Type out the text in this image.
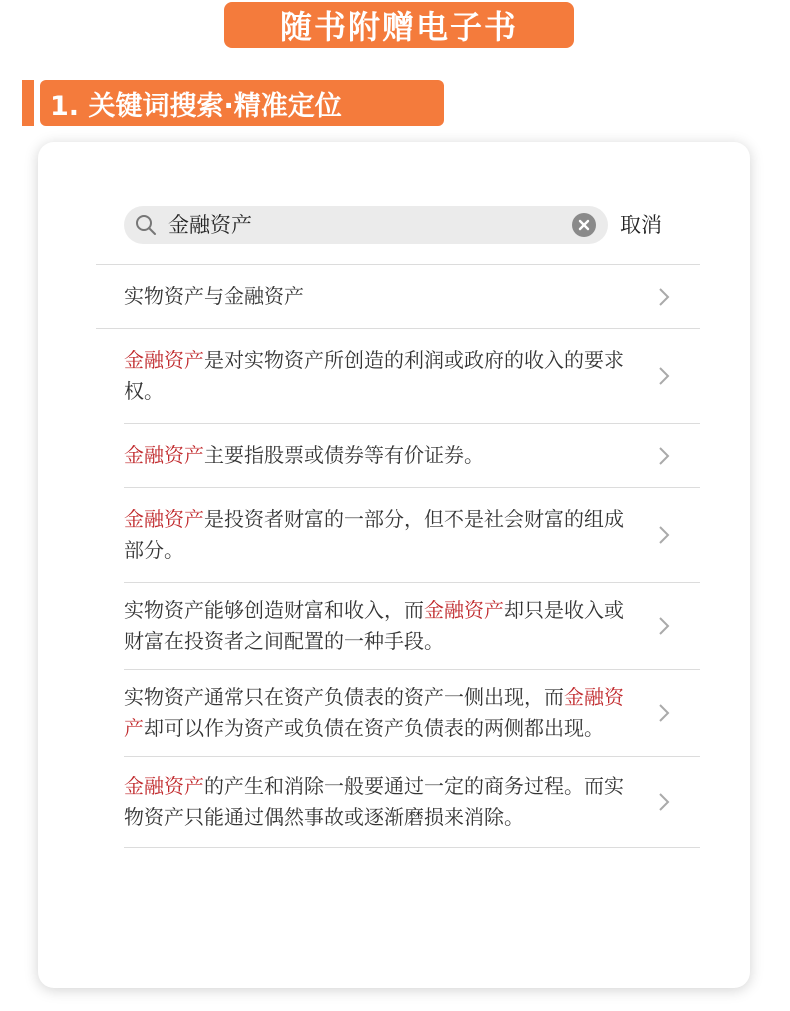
随书附赠电子书
1. 关键词搜索·精准定位
金融资产	取消
实物资产与金融资产
金融资产是对实物资产所创造的利润或政府的收入的要求权。
金融资产主要指股票或债券等有价证券。
金融资产是投资者财富的一部分，但不是社会财富的组成部分。
实物资产能够创造财富和收入，而金融资产却只是收入或财富在投资者之间配置的一种手段。
实物资产通常只在资产负债表的资产一侧出现，而金融资产却可以作为资产或负债在资产负债表的两侧都出现。
金融资产的产生和消除一般要通过一定的商务过程。而实物资产只能通过偶然事故或逐渐磨损来消除。
